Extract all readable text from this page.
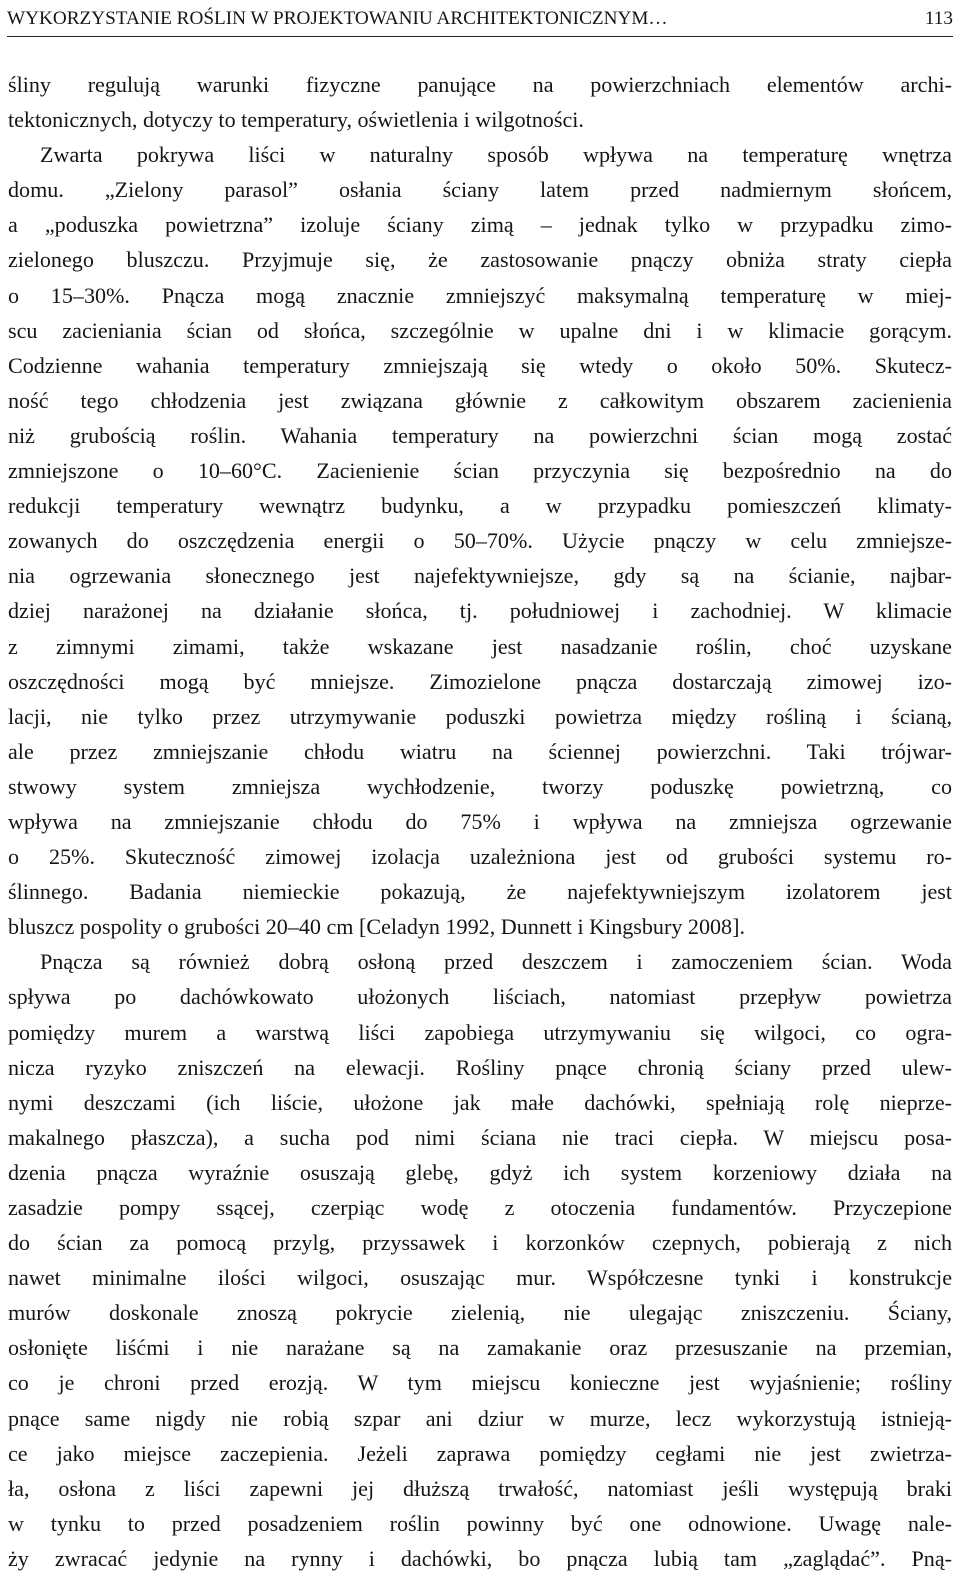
WYKORZYSTANIE ROŚLIN W PROJEKTOWANIU ARCHITEKTONICZNYM…	113
śliny regulują warunki fizyczne panujące na powierzchniach elementów archi-
tektonicznych, dotyczy to temperatury, oświetlenia i wilgotności.
Zwarta pokrywa liści w naturalny sposób wpływa na temperaturę wnętrza
domu. „Zielony parasol” osłania ściany latem przed nadmiernym słońcem,
a „poduszka powietrzna” izoluje ściany zimą – jednak tylko w przypadku zimo-
zielonego bluszczu. Przyjmuje się, że zastosowanie pnączy obniża straty ciepła
o 15–30%. Pnącza mogą znacznie zmniejszyć maksymalną temperaturę w miej-
scu zacieniania ścian od słońca, szczególnie w upalne dni i w klimacie gorącym.
Codzienne wahania temperatury zmniejszają się wtedy o około 50%. Skutecz-
ność tego chłodzenia jest związana głównie z całkowitym obszarem zacienienia
niż grubością roślin. Wahania temperatury na powierzchni ścian mogą zostać
zmniejszone o 10–60°C. Zacienienie ścian przyczynia się bezpośrednio na do
redukcji temperatury wewnątrz budynku, a w przypadku pomieszczeń klimaty-
zowanych do oszczędzenia energii o 50–70%. Użycie pnączy w celu zmniejsze-
nia ogrzewania słonecznego jest najefektywniejsze, gdy są na ścianie, najbar-
dziej narażonej na działanie słońca, tj. południowej i zachodniej. W klimacie
z zimnymi zimami, także wskazane jest nasadzanie roślin, choć uzyskane
oszczędności mogą być mniejsze. Zimozielone pnącza dostarczają zimowej izo-
lacji, nie tylko przez utrzymywanie poduszki powietrza między rośliną i ścianą,
ale przez zmniejszanie chłodu wiatru na ściennej powierzchni. Taki trójwar-
stwowy system zmniejsza wychłodzenie, tworzy poduszkę powietrzną, co
wpływa na zmniejszanie chłodu do 75% i wpływa na zmniejsza ogrzewanie
o 25%. Skuteczność zimowej izolacja uzależniona jest od grubości systemu ro-
ślinnego. Badania niemieckie pokazują, że najefektywniejszym izolatorem jest
bluszcz pospolity o grubości 20–40 cm [Celadyn 1992, Dunnett i Kingsbury 2008].
Pnącza są również dobrą osłoną przed deszczem i zamoczeniem ścian. Woda
spływa po dachówkowato ułożonych liściach, natomiast przepływ powietrza
pomiędzy murem a warstwą liści zapobiega utrzymywaniu się wilgoci, co ogra-
nicza ryzyko zniszczeń na elewacji. Rośliny pnące chronią ściany przed ulew-
nymi deszczami (ich liście, ułożone jak małe dachówki, spełniają rolę nieprze-
makalnego płaszcza), a sucha pod nimi ściana nie traci ciepła. W miejscu posa-
dzenia pnącza wyraźnie osuszają glebę, gdyż ich system korzeniowy działa na
zasadzie pompy ssącej, czerpiąc wodę z otoczenia fundamentów. Przyczepione
do ścian za pomocą przylg, przyssawek i korzonków czepnych, pobierają z nich
nawet minimalne ilości wilgoci, osuszając mur. Współczesne tynki i konstrukcje
murów doskonale znoszą pokrycie zielenią, nie ulegając zniszczeniu. Ściany,
osłonięte liśćmi i nie narażane są na zamakanie oraz przesuszanie na przemian,
co je chroni przed erozją. W tym miejscu konieczne jest wyjaśnienie; rośliny
pnące same nigdy nie robią szpar ani dziur w murze, lecz wykorzystują istnieją-
ce jako miejsce zaczepienia. Jeżeli zaprawa pomiędzy cegłami nie jest zwietrza-
ła, osłona z liści zapewni jej dłuższą trwałość, natomiast jeśli występują braki
w tynku to przed posadzeniem roślin powinny być one odnowione. Uwagę nale-
ży zwracać jedynie na rynny i dachówki, bo pnącza lubią tam „zaglądać”. Pną-
